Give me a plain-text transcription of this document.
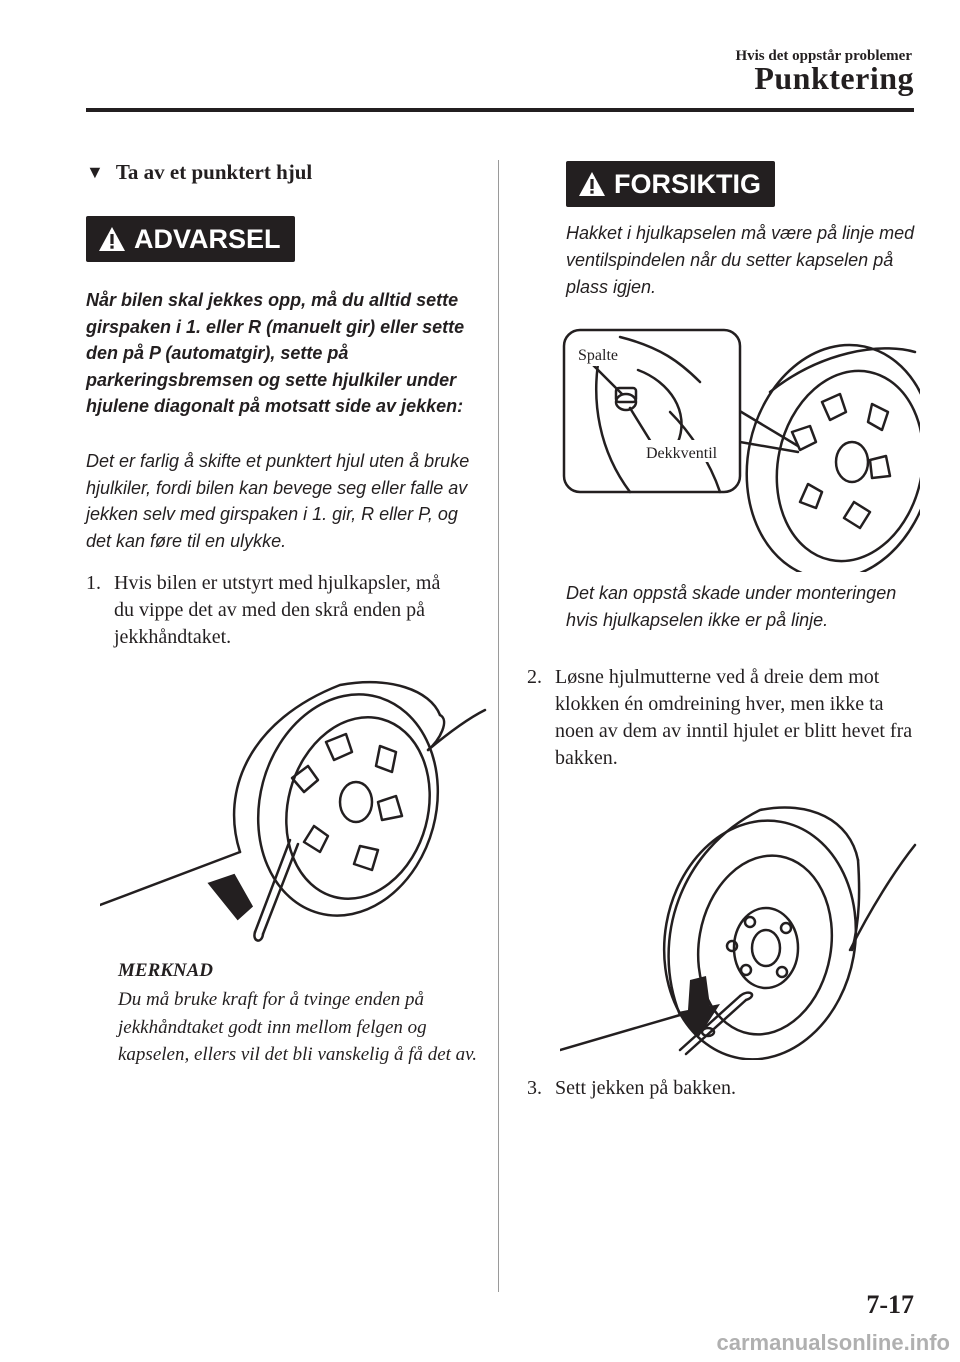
Hvis det oppstår problemer
Punktering
▼ Ta av et punktert hjul
ADVARSEL
Når bilen skal jekkes opp, må du alltid sette girspaken i 1. eller R (manuelt gir) eller sette den på P (automatgir), sette på parkeringsbremsen og sette hjulkiler under hjulene diagonalt på motsatt side av jekken:
Det er farlig å skifte et punktert hjul uten å bruke hjulkiler, fordi bilen kan bevege seg eller falle av jekken selv med girspaken i 1. gir, R eller P, og det kan føre til en ulykke.
1. Hvis bilen er utstyrt med hjulkapsler, må du vippe det av med den skrå enden på jekkhåndtaket.
MERKNAD
Du må bruke kraft for å tvinge enden på jekkhåndtaket godt inn mellom felgen og kapselen, ellers vil det bli vanskelig å få det av.
FORSIKTIG
Hakket i hjulkapselen må være på linje med ventilspindelen når du setter kapselen på plass igjen.
Spalte
Dekkventil
Det kan oppstå skade under monteringen hvis hjulkapselen ikke er på linje.
2. Løsne hjulmutterne ved å dreie dem mot klokken én omdreining hver, men ikke ta noen av dem av inntil hjulet er blitt hevet fra bakken.
3. Sett jekken på bakken.
7-17
carmanualsonline.info
